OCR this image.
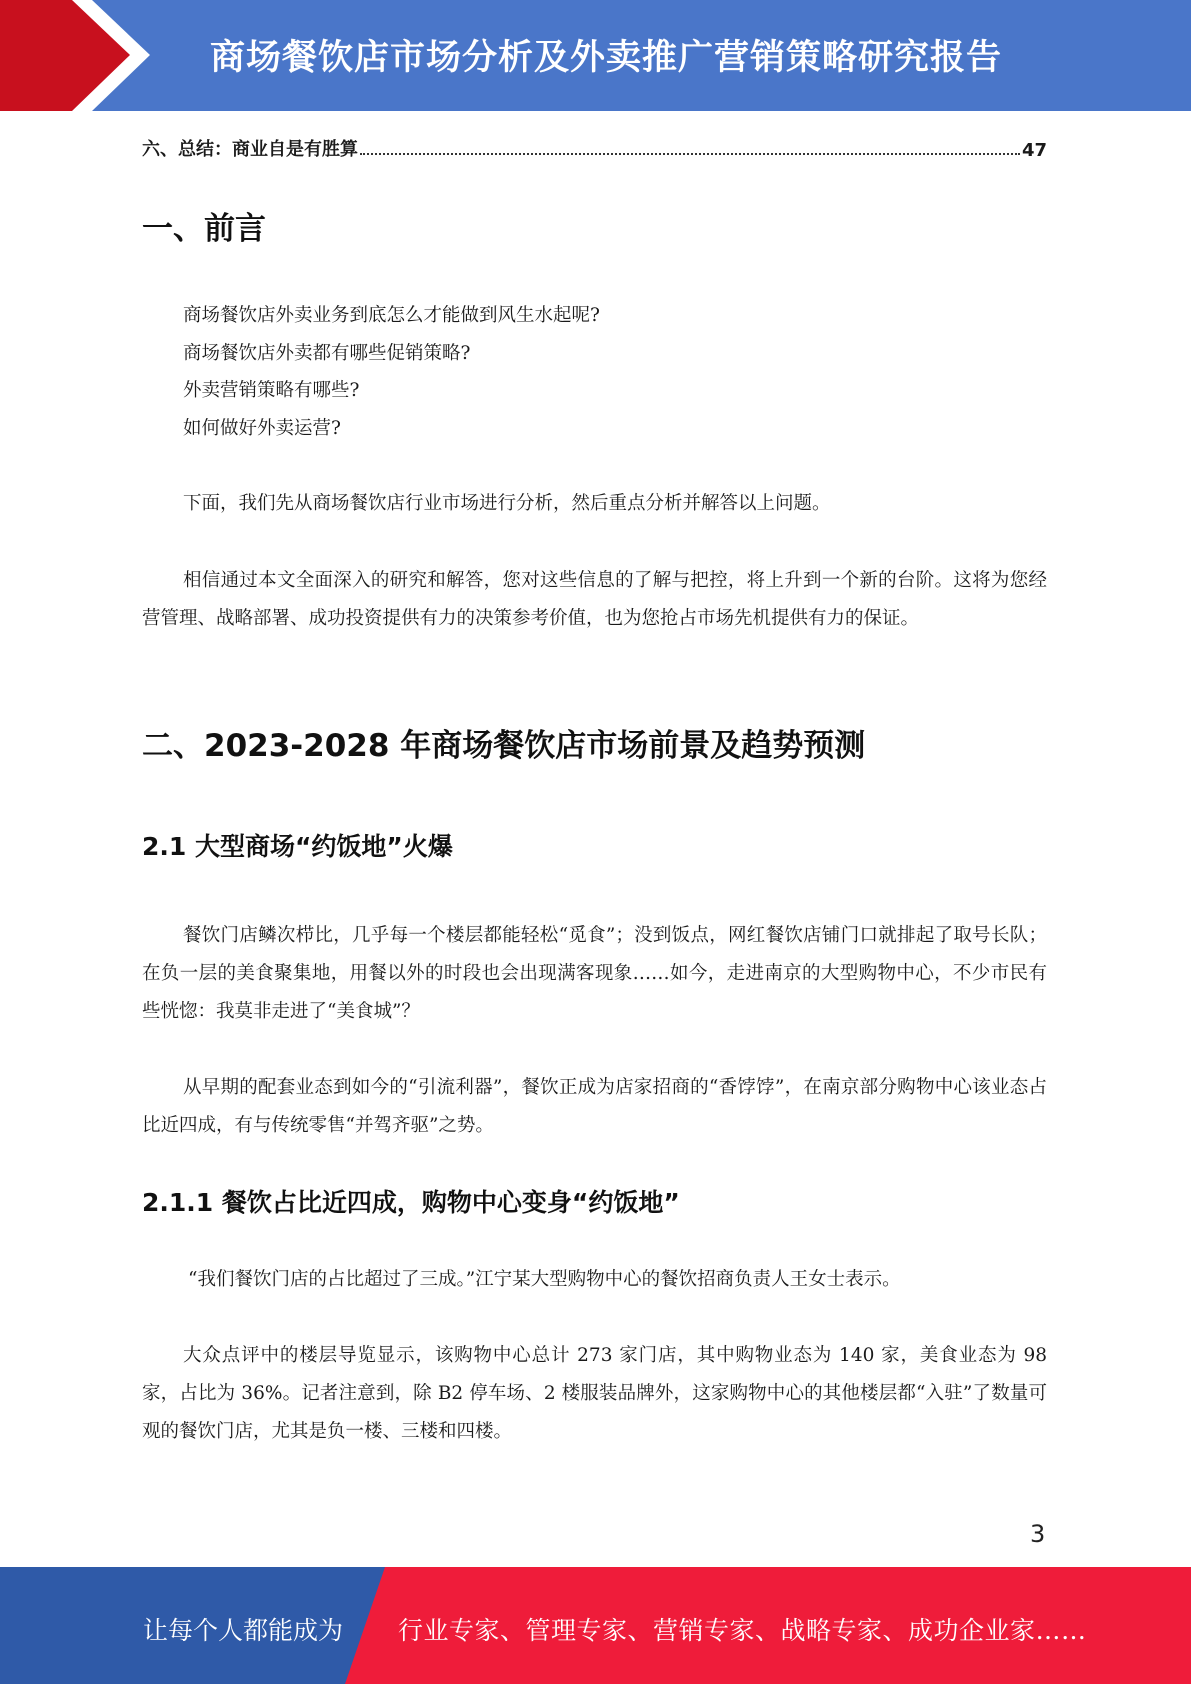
商场餐饮店市场分析及外卖推广营销策略研究报告
六、总结：商业自是有胜算	47
一、前言

商场餐饮店外卖业务到底怎么才能做到风生水起呢?

商场餐饮店外卖都有哪些促销策略?

外卖营销策略有哪些?

如何做好外卖运营?

下面，我们先从商场餐饮店行业市场进行分析，然后重点分析并解答以上问题。

相信通过本文全面深入的研究和解答，您对这些信息的了解与把控，将上升到一个新的台阶。这将为您经营管理、战略部署、成功投资提供有力的决策参考价值，也为您抢占市场先机提供有力的保证。

二、2023-2028 年商场餐饮店市场前景及趋势预测
2.1 大型商场“约饭地”火爆

餐饮门店鳞次栉比，几乎每一个楼层都能轻松“觅食”；没到饭点，网红餐饮店铺门口就排起了取号长队；在负一层的美食聚集地，用餐以外的时段也会出现满客现象……如今，走进南京的大型购物中心，不少市民有些恍惚：我莫非走进了“美食城”？

从早期的配套业态到如今的“引流利器”，餐饮正成为店家招商的“香饽饽”，在南京部分购物中心该业态占比近四成，有与传统零售“并驾齐驱”之势。

2.1.1 餐饮占比近四成，购物中心变身“约饭地”

“我们餐饮门店的占比超过了三成。”江宁某大型购物中心的餐饮招商负责人王女士表示。

大众点评中的楼层导览显示，该购物中心总计 273 家门店，其中购物业态为 140 家，美食业态为 98 家，占比为 36%。记者注意到，除 B2 停车场、2 楼服装品牌外，这家购物中心的其他楼层都“入驻”了数量可观的餐饮门店，尤其是负一楼、三楼和四楼。

3
让每个人都能成为 行业专家、管理专家、营销专家、战略专家、成功企业家……
